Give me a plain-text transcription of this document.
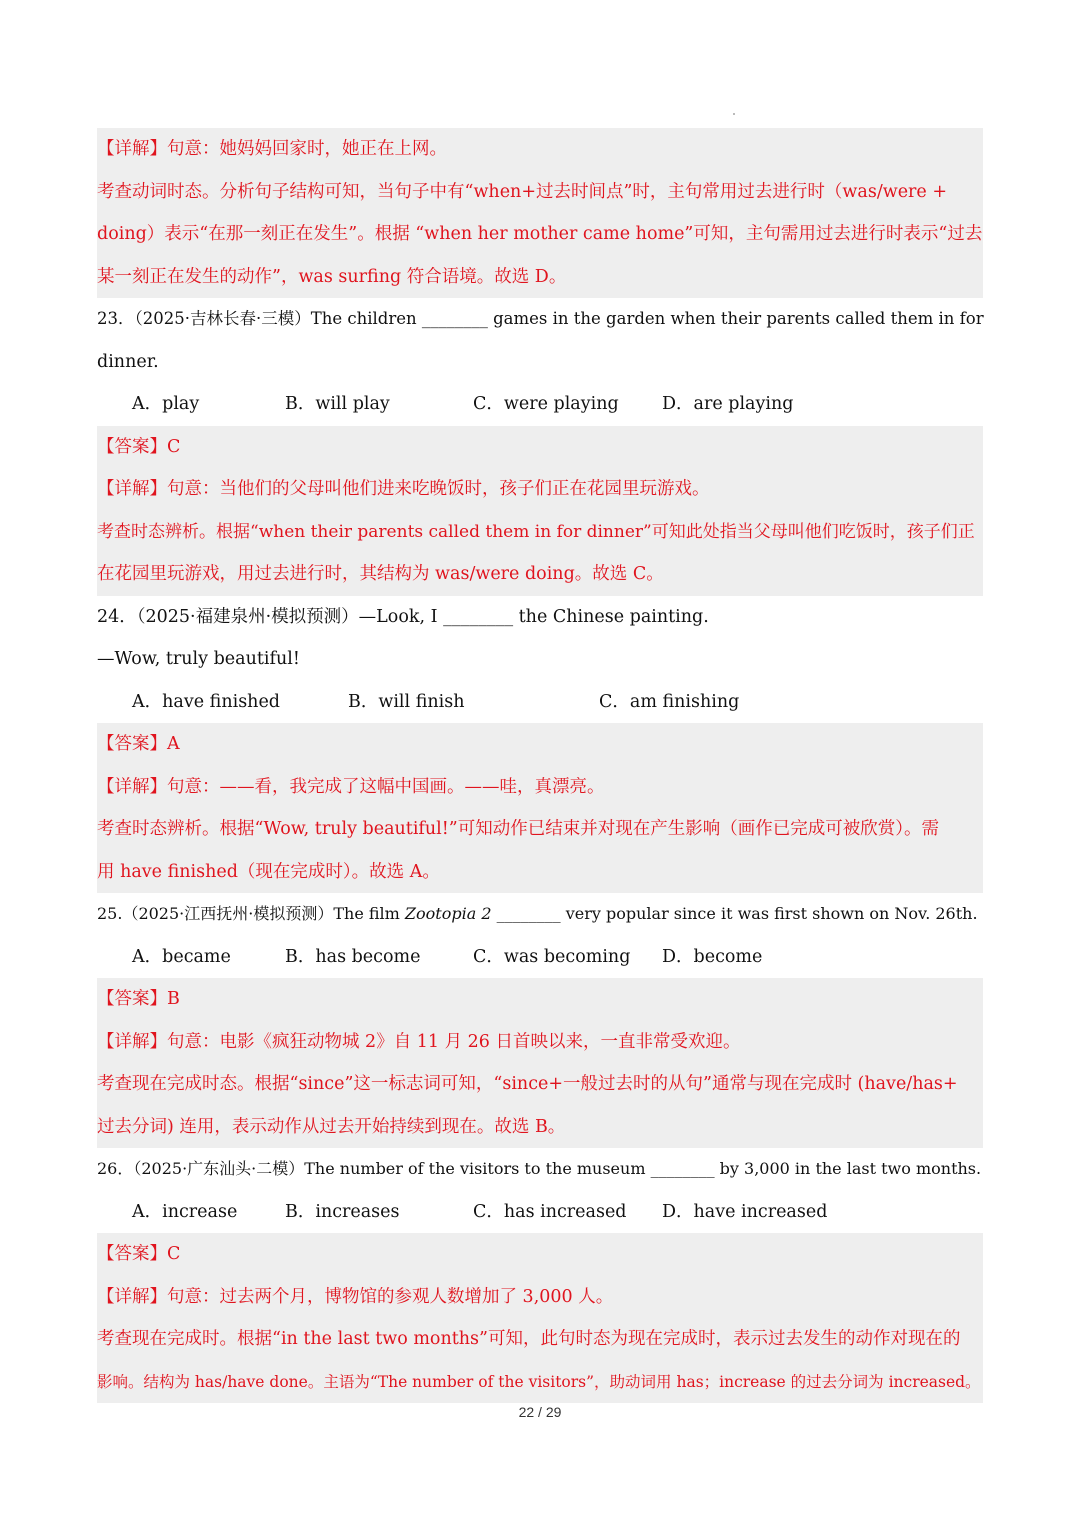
【详解】句意：她妈妈回家时，她正在上网。
考查动词时态。分析句子结构可知，当句子中有“when+过去时间点”时，主句常用过去进行时（was/were +
doing）表示“在那一刻正在发生”。根据 “when her mother came home”可知，主句需用过去进行时表示“过去
某一刻正在发生的动作”，was surfing 符合语境。故选 D。
23．（2025·吉林长春·三模）The children ________ games in the garden when their parents called them in for
dinner.
A．play	B．will play	C．were playing	D．are playing
【答案】C
【详解】句意：当他们的父母叫他们进来吃晚饭时，孩子们正在花园里玩游戏。
考查时态辨析。根据“when their parents called them in for dinner”可知此处指当父母叫他们吃饭时，孩子们正
在花园里玩游戏，用过去进行时，其结构为 was/were doing。故选 C。
24．（2025·福建泉州·模拟预测）—Look, I ________ the Chinese painting.
—Wow, truly beautiful!
A．have finished	B．will finish	C．am finishing
【答案】A
【详解】句意：——看，我完成了这幅中国画。——哇，真漂亮。
考查时态辨析。根据“Wow, truly beautiful!”可知动作已结束并对现在产生影响（画作已完成可被欣赏）。需
用 have finished（现在完成时）。故选 A。
25.（2025·江西抚州·模拟预测）The film Zootopia 2 ________ very popular since it was first shown on Nov. 26th.
A．became	B．has become	C．was becoming	D．become
【答案】B
【详解】句意：电影《疯狂动物城 2》自 11 月 26 日首映以来，一直非常受欢迎。
考查现在完成时态。根据“since”这一标志词可知，“since+一般过去时的从句”通常与现在完成时 (have/has+
过去分词) 连用，表示动作从过去开始持续到现在。故选 B。
26．（2025·广东汕头·二模）The number of the visitors to the museum ________ by 3,000 in the last two months.
A．increase	B．increases	C．has increased	D．have increased
【答案】C
【详解】句意：过去两个月，博物馆的参观人数增加了 3,000 人。
考查现在完成时。根据“in the last two months”可知，此句时态为现在完成时，表示过去发生的动作对现在的
影响。结构为 has/have done。主语为“The number of the visitors”，助动词用 has；increase 的过去分词为 increased。
22 / 29
